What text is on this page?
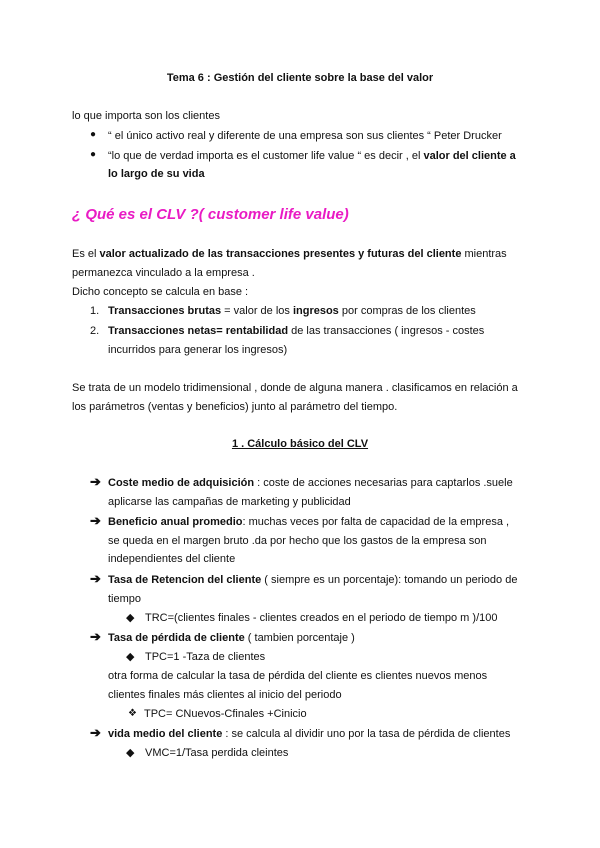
Tema 6 : Gestión del cliente sobre la base del valor
lo que importa son los clientes
● “ el único activo real y diferente de una empresa son sus clientes “ Peter Drucker
● “lo que de verdad importa es el customer life value “ es decir , el valor del cliente a
lo largo de su vida
¿ Qué es el CLV ?( customer life value)
Es el valor actualizado de las transacciones presentes y futuras del cliente mientras
permanezca vinculado a la empresa .
Dicho concepto se calcula en base :
1. Transacciones brutas = valor de los ingresos por compras de los clientes
2. Transacciones netas= rentabilidad de las transacciones ( ingresos - costes
incurridos para generar los ingresos)
Se trata de un modelo tridimensional , donde de alguna manera . clasificamos en relación a
los parámetros (ventas y beneficios) junto al parámetro del tiempo.
1 . Cálculo básico del CLV
➔ Coste medio de adquisición : coste de acciones necesarias para captarlos .suele
aplicarse las campañas de marketing y publicidad
➔ Beneficio anual promedio: muchas veces por falta de capacidad de la empresa ,
se queda en el margen bruto .da por hecho que los gastos de la empresa son
independientes del cliente
➔ Tasa de Retencion del cliente ( siempre es un porcentaje): tomando un periodo de
tiempo
◆ TRC=(clientes finales - clientes creados en el periodo de tiempo m )/100
➔ Tasa de pérdida de cliente ( tambien porcentaje )
◆ TPC=1 -Taza de clientes
otra forma de calcular la tasa de pérdida del cliente es clientes nuevos menos
clientes finales más clientes al inicio del periodo
❖ TPC= CNuevos-Cfinales +Cinicio
➔ vida medio del cliente : se calcula al dividir uno por la tasa de pérdida de clientes
◆ VMC=1/Tasa perdida cleintes
